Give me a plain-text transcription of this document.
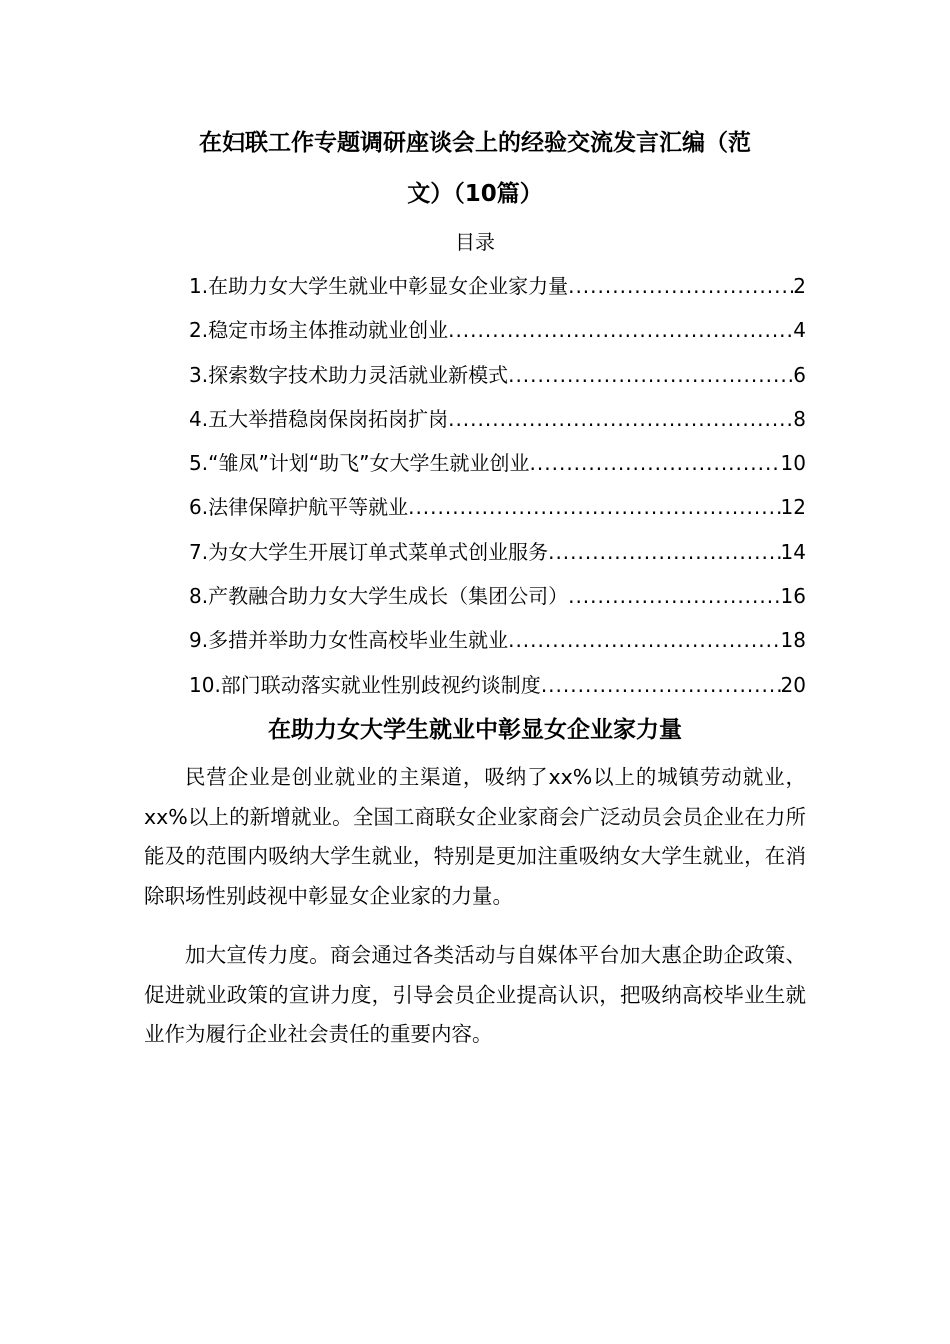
在妇联工作专题调研座谈会上的经验交流发言汇编（范
文）（10篇）
目录
1.在助力女大学生就业中彰显女企业家力量 .....	2
2.稳定市场主体推动就业创业 .....	4
3.探索数字技术助力灵活就业新模式 .....	6
4.五大举措稳岗保岗拓岗扩岗 .....	8
5.“雏凤”计划“助飞”女大学生就业创业 .....	10
6.法律保障护航平等就业 .....	12
7.为女大学生开展订单式菜单式创业服务 .....	14
8.产教融合助力女大学生成长（集团公司） .....	16
9.多措并举助力女性高校毕业生就业 .....	18
10.部门联动落实就业性别歧视约谈制度 .....	20
在助力女大学生就业中彰显女企业家力量

民营企业是创业就业的主渠道，吸纳了xx%以上的城镇劳动就业，xx%以上的新增就业。全国工商联女企业家商会广泛动员会员企业在力所能及的范围内吸纳大学生就业，特别是更加注重吸纳女大学生就业，在消除职场性别歧视中彰显女企业家的力量。

加大宣传力度。商会通过各类活动与自媒体平台加大惠企助企政策、促进就业政策的宣讲力度，引导会员企业提高认识，把吸纳高校毕业生就业作为履行企业社会责任的重要内容。
